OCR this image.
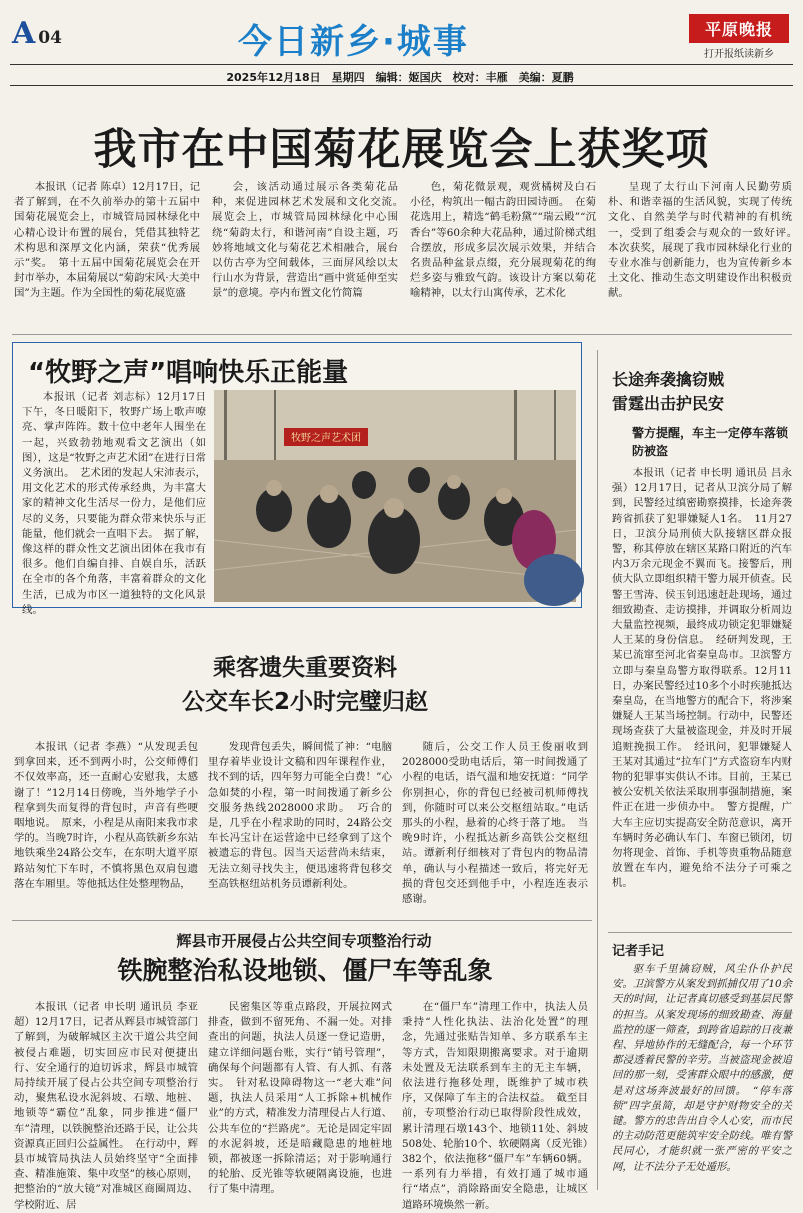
A 04	今日新乡·城事	平原晚报
打开报纸读新乡
2025年12月18日　星期四　编辑：姬国庆　校对：丰雁　美编：夏鹏
我市在中国菊花展览会上获奖项
本报讯（记者 陈卓）12月17日，记者了解到，在不久前举办的第十五届中国菊花展览会上，市城管局园林绿化中心精心设计布置的展台，凭借其独特艺术构思和深厚文化内涵，荣获“优秀展示”奖。　第十五届中国菊花展览会在开封市举办，本届菊展以“菊韵宋风·大美中国”为主题。作为全国性的菊花展览盛
会，该活动通过展示各类菊花品种，来促进园林艺术发展和文化交流。　展览会上，市城管局园林绿化中心围绕“菊韵太行，和谐河南”自设主题，巧妙将地域文化与菊花艺术相融合，展台以仿古亭为空间载体，三面屏风绘以太行山水为背景，营造出“画中赏延伸至实景”的意境。亭内布置文化竹简篇
色，菊花微景观，观赏橘树及白石小径，构筑出一幅古韵田园诗画。　在菊花选用上，精选“鹤毛粉黛”“瑞云殿”“沉香台”等60余种大花品种，通过阶梯式组合摆放，形成多层次展示效果，并结合名贵品种盆景点缀，充分展现菊花的绚烂多姿与雅致气韵。该设计方案以菊花喻精神，以太行山寓传承，艺术化
呈现了太行山下河南人民勤劳质朴、和谐幸福的生活风貌，实现了传统文化、自然美学与时代精神的有机统一，受到了组委会与观众的一致好评。　本次获奖，展现了我市园林绿化行业的专业水准与创新能力，也为宣传新乡本土文化、推动生态文明建设作出积极贡献。
“牧野之声”唱响快乐正能量
本报讯（记者 刘志标）12月17日下午，冬日暖阳下，牧野广场上歌声嘹亮、掌声阵阵。数十位中老年人围坐在一起，兴致勃勃地观看文艺演出（如图），这是“牧野之声艺术团”在进行日常义务演出。　艺术团的发起人宋沛表示，用文化艺术的形式传承经典，为丰富大家的精神文化生活尽一份力，是他们应尽的义务，只要能为群众带来快乐与正能量，他们就会一直唱下去。　据了解，像这样的群众性文艺演出团体在我市有很多。他们自编自排、自娱自乐，活跃在全市的各个角落，丰富着群众的文化生活，已成为市区一道独特的文化风景线。
牧野之声艺术团
乘客遗失重要资料
公交车长2小时完璧归赵
本报讯（记者 李燕）“从发现丢包到拿回来，还不到两小时，公交师傅们不仅效率高，还一直耐心安慰我，太感谢了！”12月14日傍晚，当外地学子小程拿到失而复得的背包时，声音有些哽咽地说。　原来，小程是从南阳来我市求学的。当晚7时许，小程从高铁新乡东站地铁乘坐24路公交车，在东明大道平原路站匆忙下车时，不慎将黑色双肩包遗落在车厢里。等他抵达住处整理物品，
发现背包丢失，瞬间慌了神：“电脑里存着毕业设计文稿和四年课程作业，找不到的话，四年努力可能全白费！”心急如焚的小程，第一时间拨通了新乡公交服务热线2028000求助。　巧合的是，几乎在小程求助的同时，24路公交车长冯宝计在运营途中已经拿到了这个被遗忘的背包。因当天运营尚未结束，无法立刻寻找失主，便迅速将背包移交至高铁枢纽站机务员谭新利处。
随后，公交工作人员王俊丽收到2028000受助电话后，第一时间拨通了小程的电话，语气温和地安抚道：“同学你别担心，你的背包已经被司机师傅找到，你随时可以来公交枢纽站取。”电话那头的小程，悬着的心终于落了地。　当晚9时许，小程抵达新乡高铁公交枢纽站。谭新利仔细核对了背包内的物品清单，确认与小程描述一致后，将完好无损的背包交还到他手中，小程连连表示感谢。
辉县市开展侵占公共空间专项整治行动
铁腕整治私设地锁、僵尸车等乱象
本报讯（记者 申长明 通讯员 李亚超）12月17日，记者从辉县市城管部门了解到，为破解城区主次干道公共空间被侵占难题，切实回应市民对便捷出行、安全通行的迫切诉求，辉县市城管局持续开展了侵占公共空间专项整治行动，聚焦私设水泥斜坡、石墩、地桩、地锁等“霸位”乱象，同步推进“僵尸车”清理，以铁腕整治还路于民，让公共资源真正回归公益属性。　在行动中，辉县市城管局执法人员始终坚守“全面排查、精准施策、集中攻坚”的核心原则，把整治的“放大镜”对准城区商圈周边、学校附近、居
民密集区等重点路段，开展拉网式排查，做到不留死角、不漏一处。对排查出的问题，执法人员逐一登记造册，建立详细问题台账，实行“销号管理”，确保每个问题都有人管、有人抓、有落实。　针对私设障碍物这一“老大难”问题，执法人员采用“人工拆除+机械作业”的方式，精准发力清理侵占人行道、公共车位的“拦路虎”。无论是固定牢固的水泥斜坡，还是暗藏隐患的地桩地锁，都被逐一拆除清运；对于影响通行的轮胎、反光锥等软硬隔离设施，也进行了集中清理。
在“僵尸车”清理工作中，执法人员秉持“人性化执法、法治化处置”的理念，先通过张贴告知单、多方联系车主等方式，告知限期搬离要求。对于逾期未处置及无法联系到车主的无主车辆，依法进行拖移处理，既维护了城市秩序，又保障了车主的合法权益。　截至目前，专项整治行动已取得阶段性成效，累计清理石墩143个、地锁11处、斜坡508处、轮胎10个、软硬隔离（反光锥）382个，依法拖移“僵尸车”车辆60辆。一系列有力举措，有效打通了城市通行“堵点”，消除路面安全隐患，让城区道路环境焕然一新。
长途奔袭擒窃贼
雷霆出击护民安
警方提醒，车主一定停车落锁防被盗
本报讯（记者 申长明 通讯员 吕永强）12月17日，记者从卫滨分局了解到，民警经过缜密勘察摸排，长途奔袭跨省抓获了犯罪嫌疑人1名。　11月27日，卫滨分局刑侦大队接辖区群众报警，称其停放在辖区某路口附近的汽车内3万余元现金不翼而飞。接警后，刑侦大队立即组织精干警力展开侦查。民警王雪涛、侯玉钊迅速赶赴现场，通过细致勘查、走访摸排，并调取分析周边大量监控视频，最终成功锁定犯罪嫌疑人王某的身份信息。　经研判发现，王某已流窜至河北省秦皇岛市。卫滨警方立即与秦皇岛警方取得联系。12月11日，办案民警经过10多个小时疾驰抵达秦皇岛，在当地警方的配合下，将涉案嫌疑人王某当场控制。行动中，民警还现场查获了大量被盗现金，并及时开展追赃挽损工作。　经讯问，犯罪嫌疑人王某对其通过“拉车门”方式盗窃车内财物的犯罪事实供认不讳。目前，王某已被公安机关依法采取刑事强制措施，案件正在进一步侦办中。　警方提醒，广大车主应切实提高安全防范意识，离开车辆时务必确认车门、车窗已锁闭，切勿将现金、首饰、手机等贵重物品随意放置在车内，避免给不法分子可乘之机。
记者手记
驱车千里擒窃贼，风尘仆仆护民安。卫滨警方从案发到抓捕仅用了10余天的时间，让记者真切感受到基层民警的担当。从案发现场的细致勘查、海量监控的逐一筛查，到跨省追踪的日夜兼程、异地协作的无缝配合，每一个环节都浸透着民警的辛劳。当被盗现金被追回的那一刻，受害群众眼中的感激，便是对这场奔波最好的回馈。　“停车落锁”四字虽简，却是守护财物安全的关键。警方的忠告出自令人心安，而市民的主动防范更能筑牢安全防线。唯有警民同心，才能织就一张严密的平安之网，让不法分子无处遁形。
